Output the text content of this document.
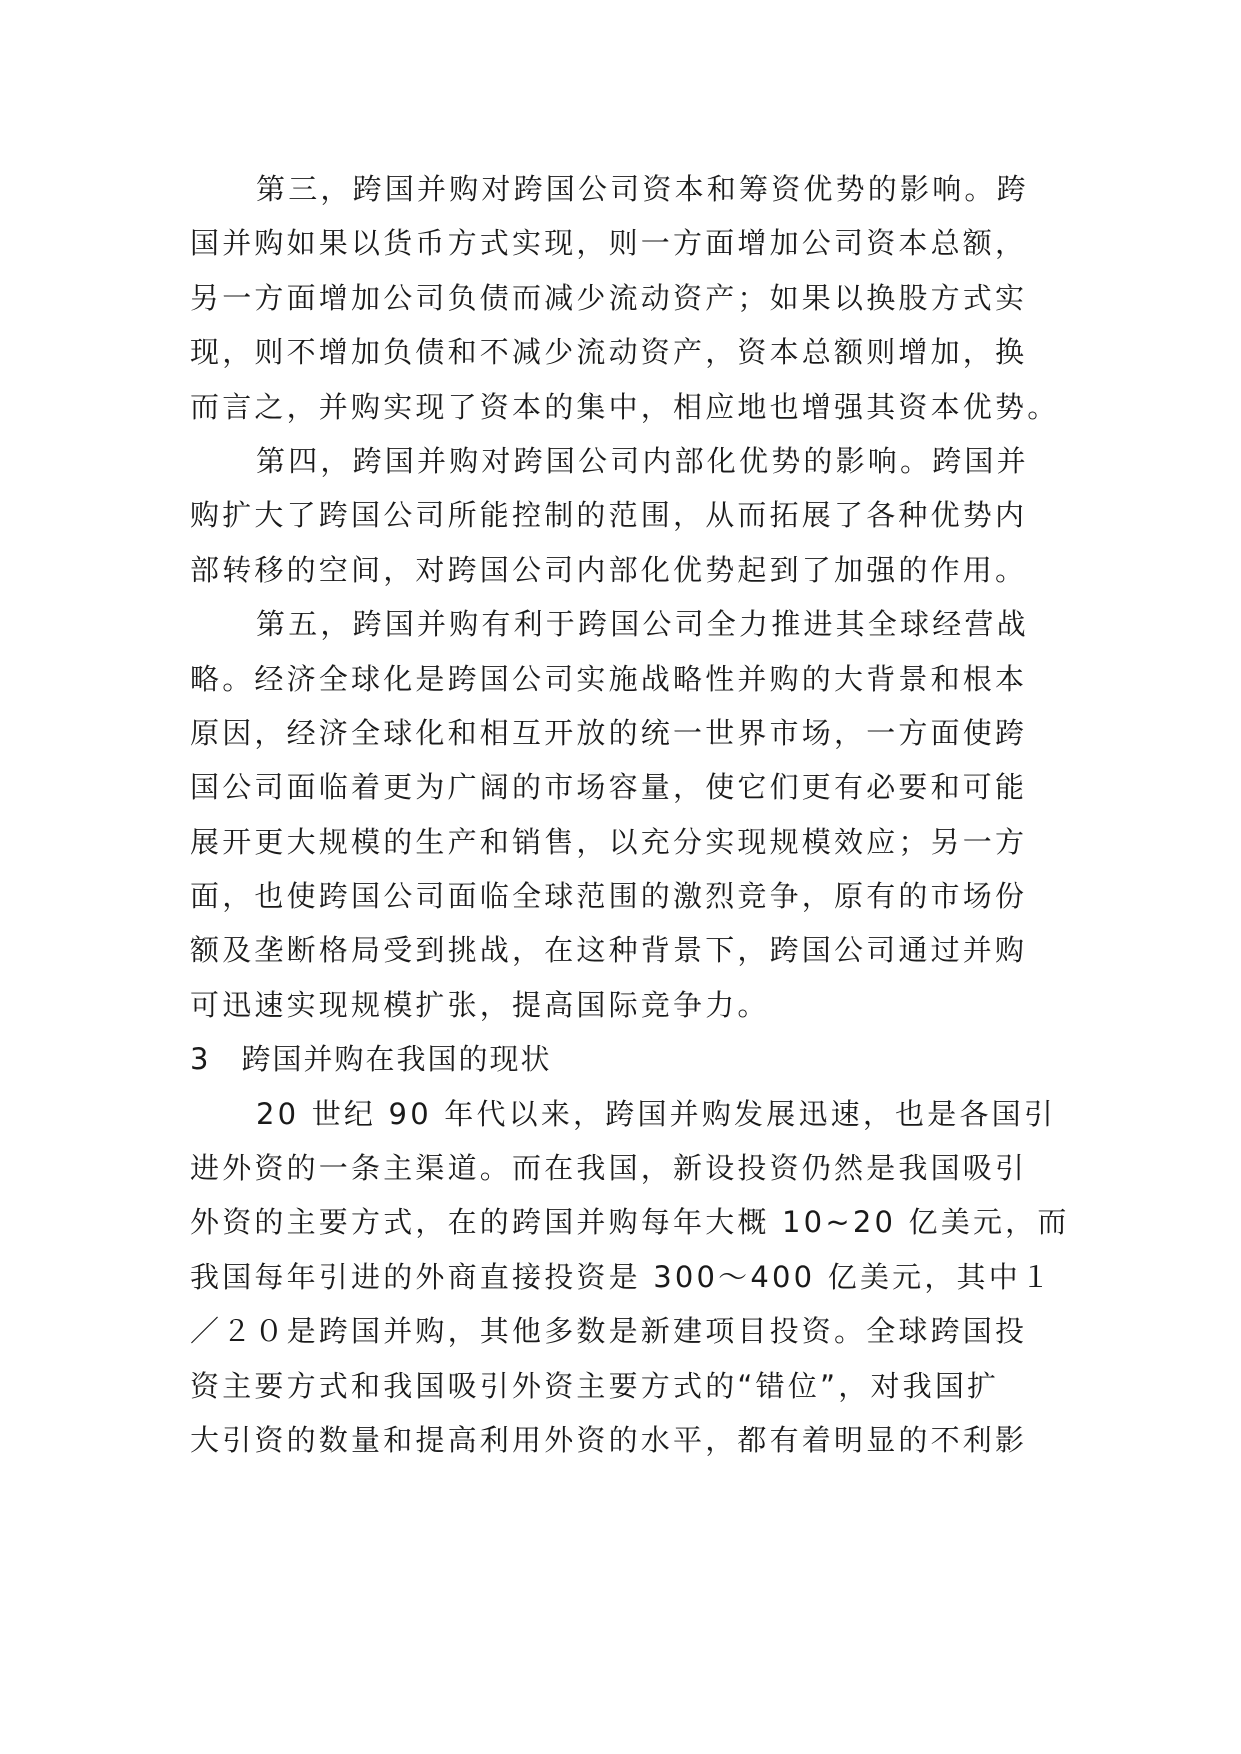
第三，跨国并购对跨国公司资本和筹资优势的影响。跨
国并购如果以货币方式实现，则一方面增加公司资本总额，
另一方面增加公司负债而减少流动资产；如果以换股方式实
现，则不增加负债和不减少流动资产，资本总额则增加，换
而言之，并购实现了资本的集中，相应地也增强其资本优势。
第四，跨国并购对跨国公司内部化优势的影响。跨国并
购扩大了跨国公司所能控制的范围，从而拓展了各种优势内
部转移的空间，对跨国公司内部化优势起到了加强的作用。
第五，跨国并购有利于跨国公司全力推进其全球经营战
略。经济全球化是跨国公司实施战略性并购的大背景和根本
原因，经济全球化和相互开放的统一世界市场，一方面使跨
国公司面临着更为广阔的市场容量，使它们更有必要和可能
展开更大规模的生产和销售，以充分实现规模效应；另一方
面，也使跨国公司面临全球范围的激烈竞争，原有的市场份
额及垄断格局受到挑战，在这种背景下，跨国公司通过并购
可迅速实现规模扩张，提高国际竞争力。
3　跨国并购在我国的现状
20 世纪 90 年代以来，跨国并购发展迅速，也是各国引
进外资的一条主渠道。而在我国，新设投资仍然是我国吸引
外资的主要方式，在的跨国并购每年大概 10~20 亿美元，而
我国每年引进的外商直接投资是 300～400 亿美元，其中１
／２０是跨国并购，其他多数是新建项目投资。全球跨国投
资主要方式和我国吸引外资主要方式的“错位”，对我国扩
大引资的数量和提高利用外资的水平，都有着明显的不利影
